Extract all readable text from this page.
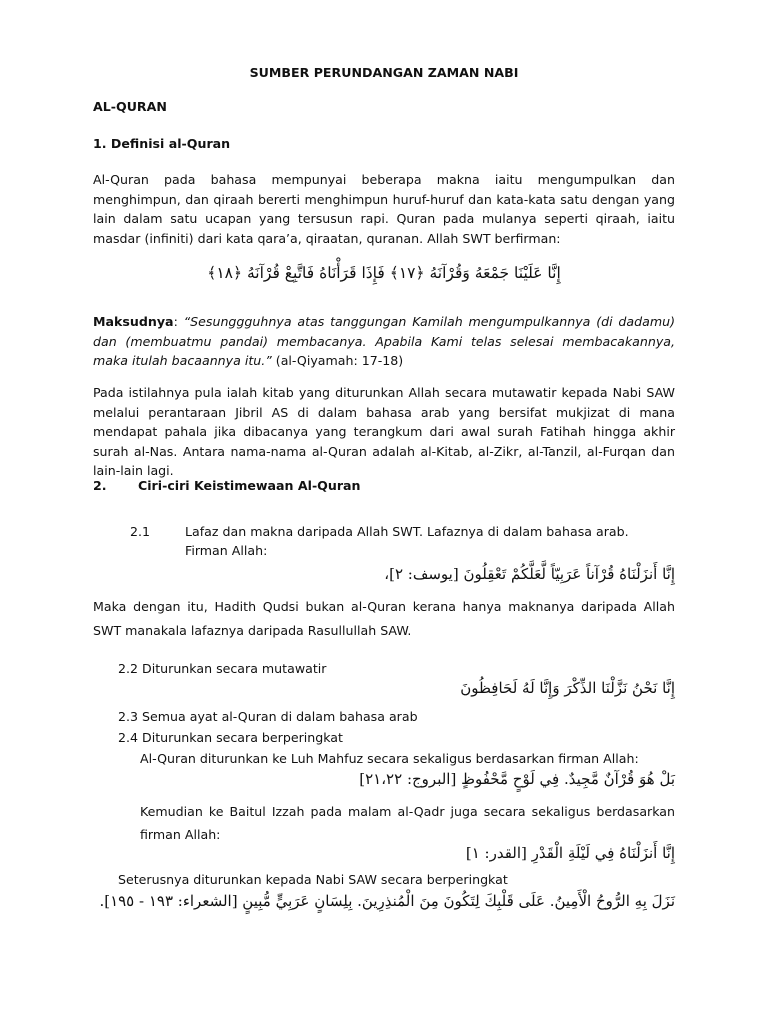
SUMBER PERUNDANGAN ZAMAN NABI
AL-QURAN
1. Definisi al-Quran
Al-Quran pada bahasa mempunyai beberapa makna iaitu mengumpulkan dan menghimpun, dan qiraah bererti menghimpun huruf-huruf dan kata-kata satu dengan yang lain dalam satu ucapan yang tersusun rapi. Quran pada mulanya seperti qiraah, iaitu masdar (infiniti) dari kata qara’a, qiraatan, quranan. Allah SWT berfirman:
إِنَّا عَلَيْنَا جَمْعَهُ وَقُرْآنَهُ ﴿١٧﴾ فَإِذَا قَرَأْنَاهُ فَاتَّبِعْ قُرْآنَهُ ﴿١٨﴾
Maksudnya: “Sesunggguhnya atas tanggungan Kamilah mengumpulkannya (di dadamu) dan (membuatmu pandai) membacanya. Apabila Kami telas selesai membacakannya, maka itulah bacaannya itu.” (al-Qiyamah: 17-18)
Pada istilahnya pula ialah kitab yang diturunkan Allah secara mutawatir kepada Nabi SAW melalui perantaraan Jibril AS di dalam bahasa arab yang bersifat mukjizat di mana mendapat pahala jika dibacanya yang terangkum dari awal surah Fatihah hingga akhir surah al-Nas. Antara nama-nama al-Quran adalah al-Kitab, al-Zikr, al-Tanzil, al-Furqan dan lain-lain lagi.
2. Ciri-ciri Keistimewaan Al-Quran
2.1	Lafaz dan makna daripada Allah SWT. Lafaznya di dalam bahasa arab. Firman Allah:
إِنَّا أَنزَلْنَاهُ قُرْآناً عَرَبِيّاً لَّعَلَّكُمْ تَعْقِلُونَ [يوسف: ٢]،
Maka dengan itu, Hadith Qudsi bukan al-Quran kerana hanya maknanya daripada Allah SWT manakala lafaznya daripada Rasullullah SAW.
2.2 Diturunkan secara mutawatir
إِنَّا نَحْنُ نَزَّلْنَا الذِّكْرَ وَإِنَّا لَهُ لَحَافِظُونَ
2.3 Semua ayat al-Quran di dalam bahasa arab
2.4 Diturunkan secara berperingkat
Al-Quran diturunkan ke Luh Mahfuz secara sekaligus berdasarkan firman Allah:
بَلْ هُوَ قُرْآنٌ مَّجِيدٌ. فِي لَوْحٍ مَّحْفُوظٍ [البروج: ٢١،٢٢]
Kemudian ke Baitul Izzah pada malam al-Qadr juga secara sekaligus berdasarkan firman Allah:
إِنَّا أَنزَلْنَاهُ فِي لَيْلَةِ الْقَدْرِ [القدر: ١]
Seterusnya diturunkan kepada Nabi SAW secara berperingkat
نَزَلَ بِهِ الرُّوحُ الْأَمِينُ. عَلَى قَلْبِكَ لِتَكُونَ مِنَ الْمُنذِرِينَ. بِلِسَانٍ عَرَبِيٍّ مُّبِينٍ [الشعراء: ١٩٣ - ١٩٥].
